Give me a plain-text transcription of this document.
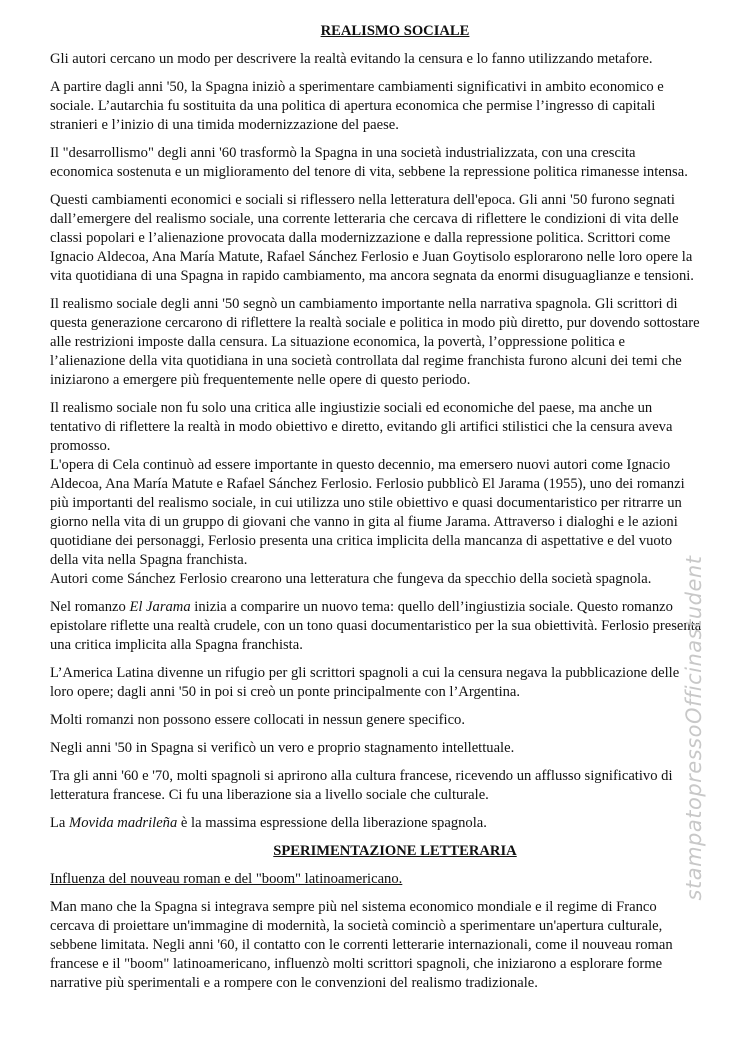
REALISMO SOCIALE
Gli autori cercano un modo per descrivere la realtà evitando la censura e lo fanno utilizzando metafore.
A partire dagli anni '50, la Spagna iniziò a sperimentare cambiamenti significativi in ambito economico e
sociale. L’autarchia fu sostituita da una politica di apertura economica che permise l’ingresso di capitali
stranieri e l’inizio di una timida modernizzazione del paese.
Il "desarrollismo" degli anni '60 trasformò la Spagna in una società industrializzata, con una crescita
economica sostenuta e un miglioramento del tenore di vita, sebbene la repressione politica rimanesse intensa.
Questi cambiamenti economici e sociali si riflessero nella letteratura dell'epoca. Gli anni '50 furono segnati
dall’emergere del realismo sociale, una corrente letteraria che cercava di riflettere le condizioni di vita delle
classi popolari e l’alienazione provocata dalla modernizzazione e dalla repressione politica. Scrittori come
Ignacio Aldecoa, Ana María Matute, Rafael Sánchez Ferlosio e Juan Goytisolo esplorarono nelle loro opere la
vita quotidiana di una Spagna in rapido cambiamento, ma ancora segnata da enormi disuguaglianze e tensioni.
Il realismo sociale degli anni '50 segnò un cambiamento importante nella narrativa spagnola. Gli scrittori di
questa generazione cercarono di riflettere la realtà sociale e politica in modo più diretto, pur dovendo sottostare
alle restrizioni imposte dalla censura. La situazione economica, la povertà, l’oppressione politica e
l’alienazione della vita quotidiana in una società controllata dal regime franchista furono alcuni dei temi che
iniziarono a emergere più frequentemente nelle opere di questo periodo.
Il realismo sociale non fu solo una critica alle ingiustizie sociali ed economiche del paese, ma anche un
tentativo di riflettere la realtà in modo obiettivo e diretto, evitando gli artifici stilistici che la censura aveva
promosso.
L'opera di Cela continuò ad essere importante in questo decennio, ma emersero nuovi autori come Ignacio
Aldecoa, Ana María Matute e Rafael Sánchez Ferlosio. Ferlosio pubblicò El Jarama (1955), uno dei romanzi
più importanti del realismo sociale, in cui utilizza uno stile obiettivo e quasi documentaristico per ritrarre un
giorno nella vita di un gruppo di giovani che vanno in gita al fiume Jarama. Attraverso i dialoghi e le azioni
quotidiane dei personaggi, Ferlosio presenta una critica implicita della mancanza di aspettative e del vuoto
della vita nella Spagna franchista.
Autori come Sánchez Ferlosio crearono una letteratura che fungeva da specchio della società spagnola.
Nel romanzo El Jarama inizia a comparire un nuovo tema: quello dell’ingiustizia sociale. Questo romanzo
epistolare riflette una realtà crudele, con un tono quasi documentaristico per la sua obiettività. Ferlosio presenta
una critica implicita alla Spagna franchista.
L’America Latina divenne un rifugio per gli scrittori spagnoli a cui la censura negava la pubblicazione delle
loro opere; dagli anni '50 in poi si creò un ponte principalmente con l’Argentina.
Molti romanzi non possono essere collocati in nessun genere specifico.
Negli anni '50 in Spagna si verificò un vero e proprio stagnamento intellettuale.
Tra gli anni '60 e '70, molti spagnoli si aprirono alla cultura francese, ricevendo un afflusso significativo di
letteratura francese. Ci fu una liberazione sia a livello sociale che culturale.
La Movida madrileña è la massima espressione della liberazione spagnola.
SPERIMENTAZIONE LETTERARIA
Influenza del nouveau roman e del "boom" latinoamericano.
Man mano che la Spagna si integrava sempre più nel sistema economico mondiale e il regime di Franco
cercava di proiettare un'immagine di modernità, la società cominciò a sperimentare un'apertura culturale,
sebbene limitata. Negli anni '60, il contatto con le correnti letterarie internazionali, come il nouveau roman
francese e il "boom" latinoamericano, influenzò molti scrittori spagnoli, che iniziarono a esplorare forme
narrative più sperimentali e a rompere con le convenzioni del realismo tradizionale.
stampatopressoOfficinastudent
